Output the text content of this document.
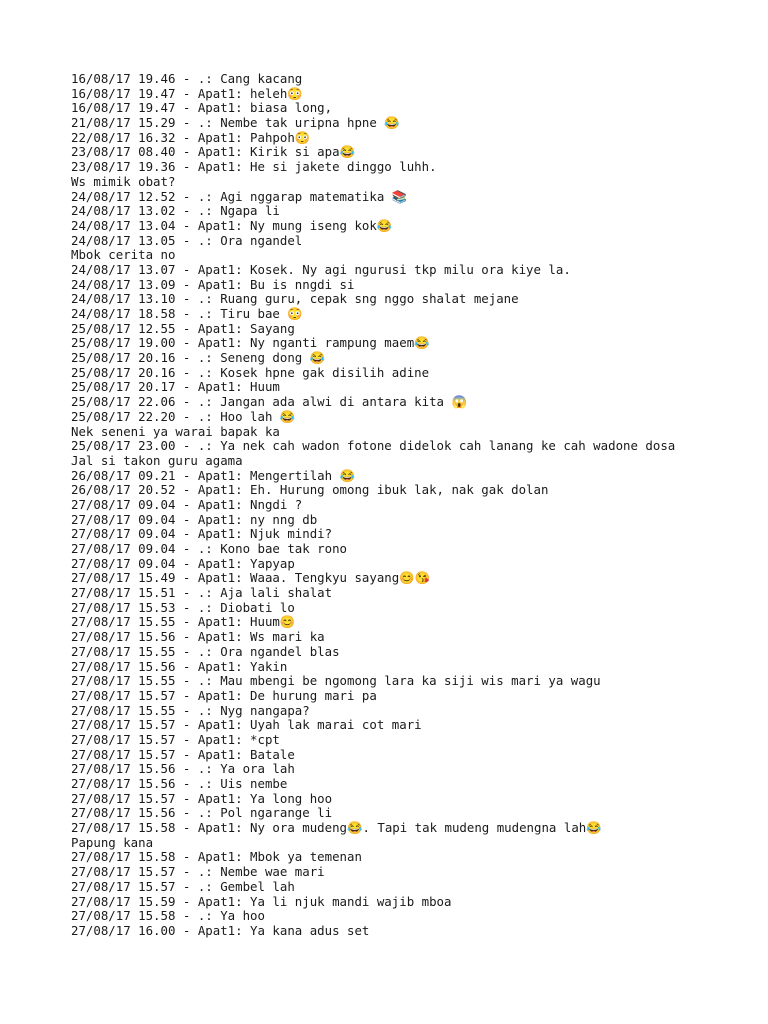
16/08/17 19.46 - .: Cang kacang
16/08/17 19.47 - Apat1: heleh😳
16/08/17 19.47 - Apat1: biasa long,
21/08/17 15.29 - .: Nembe tak uripna hpne 😂
22/08/17 16.32 - Apat1: Pahpoh😳
23/08/17 08.40 - Apat1: Kirik si apa😂
23/08/17 19.36 - Apat1: He si jakete dinggo luhh.
Ws mimik obat?
24/08/17 12.52 - .: Agi nggarap matematika 📚
24/08/17 13.02 - .: Ngapa li
24/08/17 13.04 - Apat1: Ny mung iseng kok😂
24/08/17 13.05 - .: Ora ngandel
Mbok cerita no
24/08/17 13.07 - Apat1: Kosek. Ny agi ngurusi tkp milu ora kiye la.
24/08/17 13.09 - Apat1: Bu is nngdi si
24/08/17 13.10 - .: Ruang guru, cepak sng nggo shalat mejane
24/08/17 18.58 - .: Tiru bae 😳
25/08/17 12.55 - Apat1: Sayang
25/08/17 19.00 - Apat1: Ny nganti rampung maem😂
25/08/17 20.16 - .: Seneng dong 😂
25/08/17 20.16 - .: Kosek hpne gak disilih adine
25/08/17 20.17 - Apat1: Huum
25/08/17 22.06 - .: Jangan ada alwi di antara kita 😱
25/08/17 22.20 - .: Hoo lah 😂
Nek seneni ya warai bapak ka
25/08/17 23.00 - .: Ya nek cah wadon fotone didelok cah lanang ke cah wadone dosa
Jal si takon guru agama
26/08/17 09.21 - Apat1: Mengertilah 😂
26/08/17 20.52 - Apat1: Eh. Hurung omong ibuk lak, nak gak dolan
27/08/17 09.04 - Apat1: Nngdi ?
27/08/17 09.04 - Apat1: ny nng db
27/08/17 09.04 - Apat1: Njuk mindi?
27/08/17 09.04 - .: Kono bae tak rono
27/08/17 09.04 - Apat1: Yapyap
27/08/17 15.49 - Apat1: Waaa. Tengkyu sayang😊😘
27/08/17 15.51 - .: Aja lali shalat
27/08/17 15.53 - .: Diobati lo
27/08/17 15.55 - Apat1: Huum😊
27/08/17 15.56 - Apat1: Ws mari ka
27/08/17 15.55 - .: Ora ngandel blas
27/08/17 15.56 - Apat1: Yakin
27/08/17 15.55 - .: Mau mbengi be ngomong lara ka siji wis mari ya wagu
27/08/17 15.57 - Apat1: De hurung mari pa
27/08/17 15.55 - .: Nyg nangapa?
27/08/17 15.57 - Apat1: Uyah lak marai cot mari
27/08/17 15.57 - Apat1: *cpt
27/08/17 15.57 - Apat1: Batale
27/08/17 15.56 - .: Ya ora lah
27/08/17 15.56 - .: Uis nembe
27/08/17 15.57 - Apat1: Ya long hoo
27/08/17 15.56 - .: Pol ngarange li
27/08/17 15.58 - Apat1: Ny ora mudeng😂. Tapi tak mudeng mudengna lah😂
Papung kana
27/08/17 15.58 - Apat1: Mbok ya temenan
27/08/17 15.57 - .: Nembe wae mari
27/08/17 15.57 - .: Gembel lah
27/08/17 15.59 - Apat1: Ya li njuk mandi wajib mboa
27/08/17 15.58 - .: Ya hoo
27/08/17 16.00 - Apat1: Ya kana adus set
